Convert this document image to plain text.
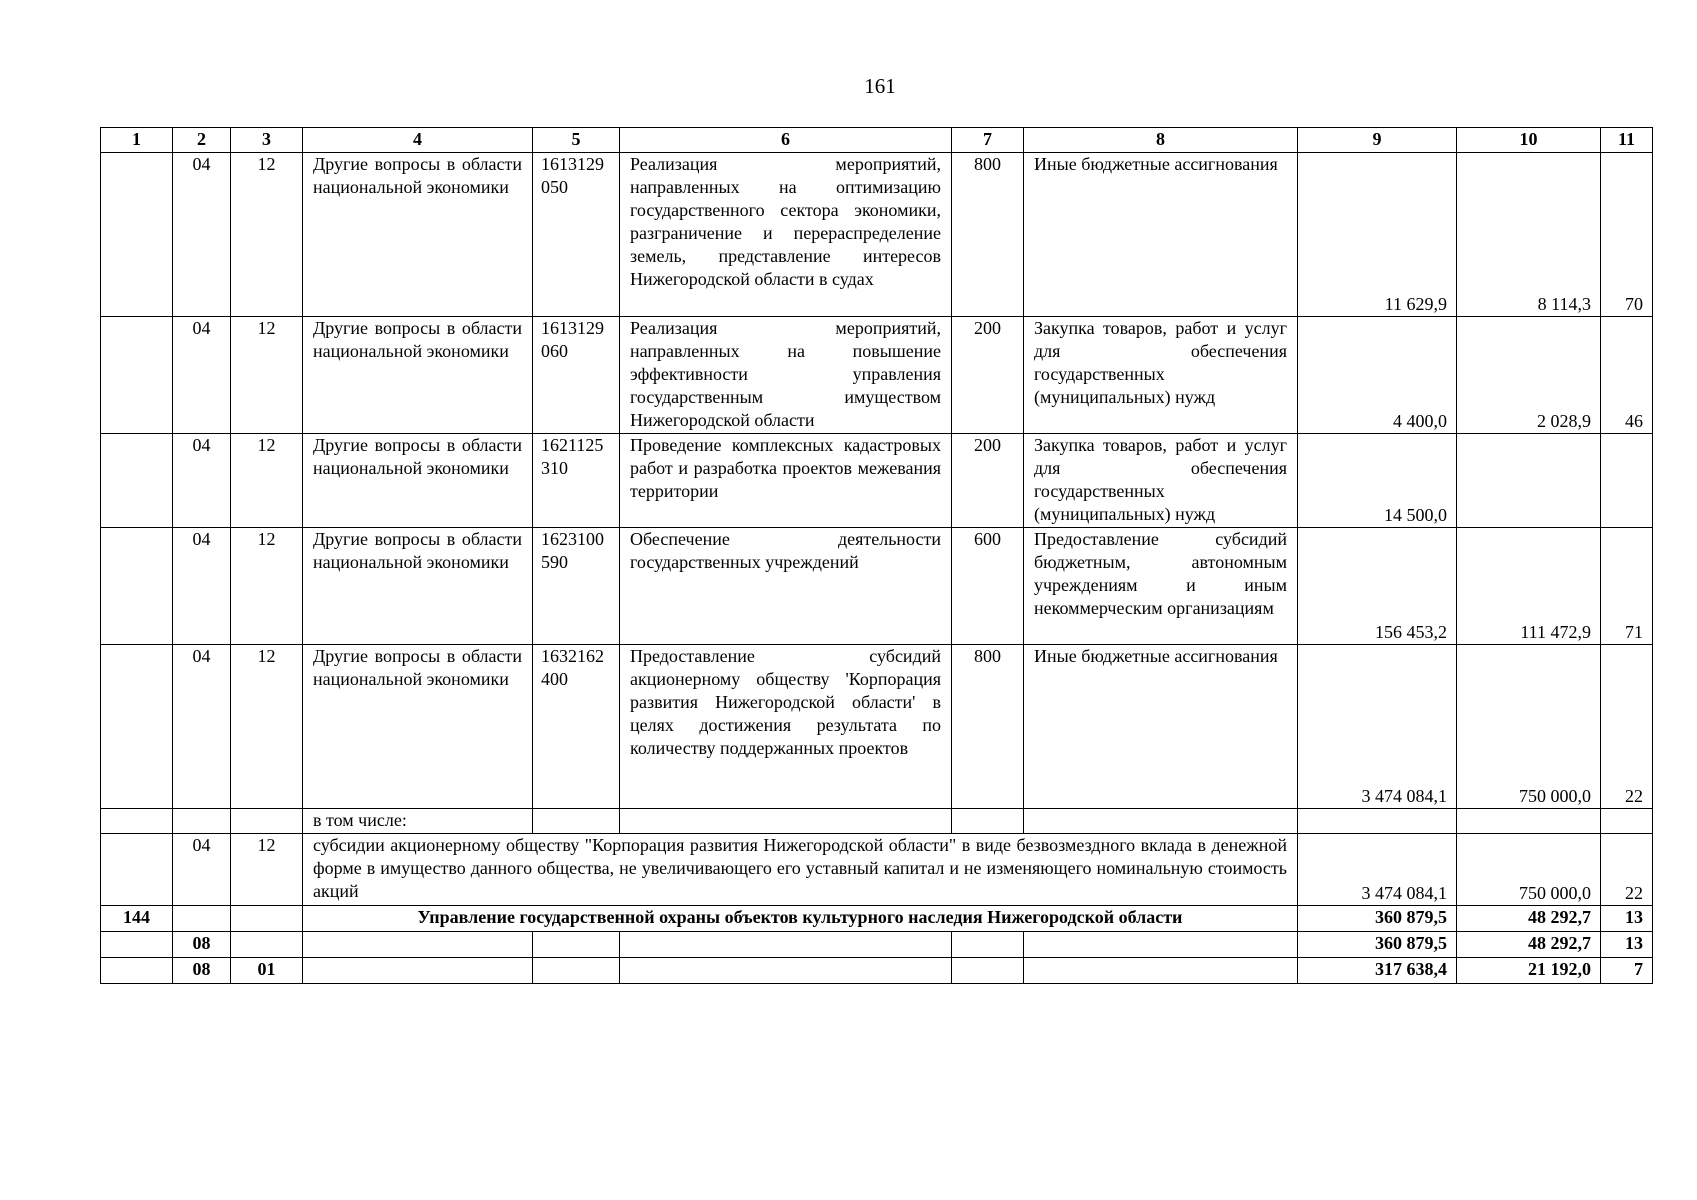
161
1	2	3	4	5	6	7	8	9	10	11
	04	12	Другие вопросы в области национальной экономики	1613129050	Реализация мероприятий, направленных на оптимизацию государственного сектора экономики, разграничение и перераспределение земель, представление интересов Нижегородской области в судах	800	Иные бюджетные ассигнования	11 629,9	8 114,3	70
	04	12	Другие вопросы в области национальной экономики	1613129060	Реализация мероприятий, направленных на повышение эффективности управления государственным имуществом Нижегородской области	200	Закупка товаров, работ и услуг для обеспечения государственных (муниципальных) нужд	4 400,0	2 028,9	46
	04	12	Другие вопросы в области национальной экономики	1621125310	Проведение комплексных кадастровых работ и разработка проектов межевания территории	200	Закупка товаров, работ и услуг для обеспечения государственных (муниципальных) нужд	14 500,0		
	04	12	Другие вопросы в области национальной экономики	1623100590	Обеспечение деятельности государственных учреждений	600	Предоставление субсидий бюджетным, автономным учреждениям и иным некоммерческим организациям	156 453,2	111 472,9	71
	04	12	Другие вопросы в области национальной экономики	1632162400	Предоставление субсидий акционерному обществу 'Корпорация развития Нижегородской области' в целях достижения результата по количеству поддержанных проектов	800	Иные бюджетные ассигнования	3 474 084,1	750 000,0	22
			в том числе:							
	04	12	субсидии акционерному обществу "Корпорация развития Нижегородской области" в виде безвозмездного вклада в денежной форме в имущество данного общества, не увеличивающего его уставный капитал и не изменяющего номинальную стоимость акций					3 474 084,1	750 000,0	22
144			Управление государственной охраны объектов культурного наследия Нижегородской области					360 879,5	48 292,7	13
	08							360 879,5	48 292,7	13
	08	01						317 638,4	21 192,0	7
